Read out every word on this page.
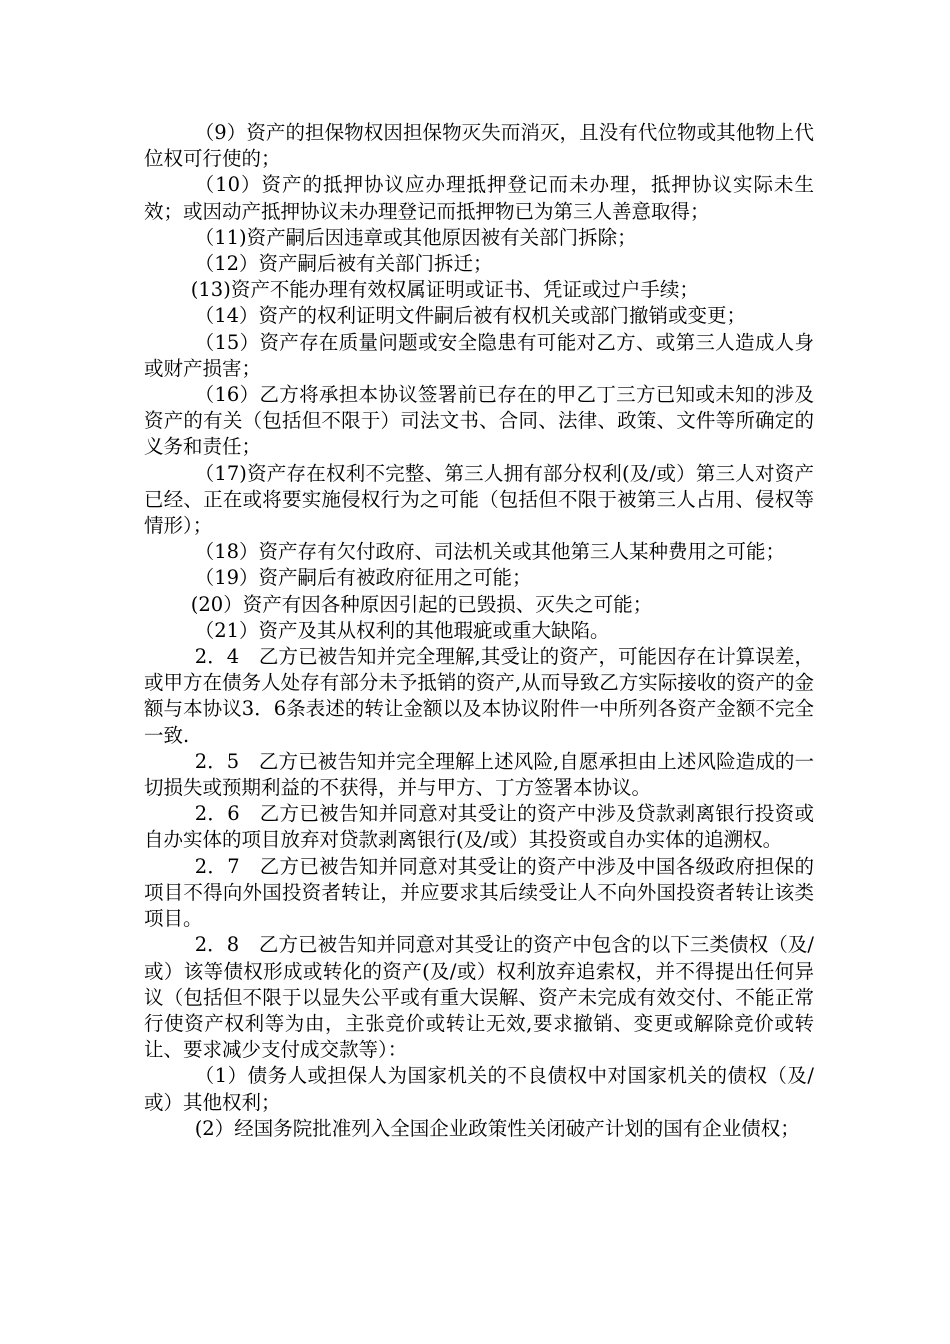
（9）资产的担保物权因担保物灭失而消灭，且没有代位物或其他物上代位权可行使的；

（10）资产的抵押协议应办理抵押登记而未办理，抵押协议实际未生效；或因动产抵押协议未办理登记而抵押物已为第三人善意取得；

（11)资产嗣后因违章或其他原因被有关部门拆除；

（12）资产嗣后被有关部门拆迁；

(13)资产不能办理有效权属证明或证书、凭证或过户手续；

（14）资产的权利证明文件嗣后被有权机关或部门撤销或变更；

（15）资产存在质量问题或安全隐患有可能对乙方、或第三人造成人身或财产损害；

（16）乙方将承担本协议签署前已存在的甲乙丁三方已知或未知的涉及资产的有关（包括但不限于）司法文书、合同、法律、政策、文件等所确定的义务和责任；

（17)资产存在权利不完整、第三人拥有部分权利(及/或）第三人对资产已经、正在或将要实施侵权行为之可能（包括但不限于被第三人占用、侵权等情形）；

（18）资产存有欠付政府、司法机关或其他第三人某种费用之可能；

（19）资产嗣后有被政府征用之可能；

(20）资产有因各种原因引起的已毁损、灭失之可能；

（21）资产及其从权利的其他瑕疵或重大缺陷。

2．4　乙方已被告知并完全理解,其受让的资产，可能因存在计算误差，或甲方在债务人处存有部分未予抵销的资产,从而导致乙方实际接收的资产的金额与本协议3．6条表述的转让金额以及本协议附件一中所列各资产金额不完全一致.

2．5　乙方已被告知并完全理解上述风险,自愿承担由上述风险造成的一切损失或预期利益的不获得，并与甲方、丁方签署本协议。

2．6　乙方已被告知并同意对其受让的资产中涉及贷款剥离银行投资或自办实体的项目放弃对贷款剥离银行(及/或）其投资或自办实体的追溯权。

2．7　乙方已被告知并同意对其受让的资产中涉及中国各级政府担保的项目不得向外国投资者转让，并应要求其后续受让人不向外国投资者转让该类项目。

2．8　乙方已被告知并同意对其受让的资产中包含的以下三类债权（及/或）该等债权形成或转化的资产(及/或）权利放弃追索权，并不得提出任何异议（包括但不限于以显失公平或有重大误解、资产未完成有效交付、不能正常行使资产权利等为由，主张竞价或转让无效,要求撤销、变更或解除竞价或转让、要求减少支付成交款等）：

（1）债务人或担保人为国家机关的不良债权中对国家机关的债权（及/或）其他权利；

(2）经国务院批准列入全国企业政策性关闭破产计划的国有企业债权；
